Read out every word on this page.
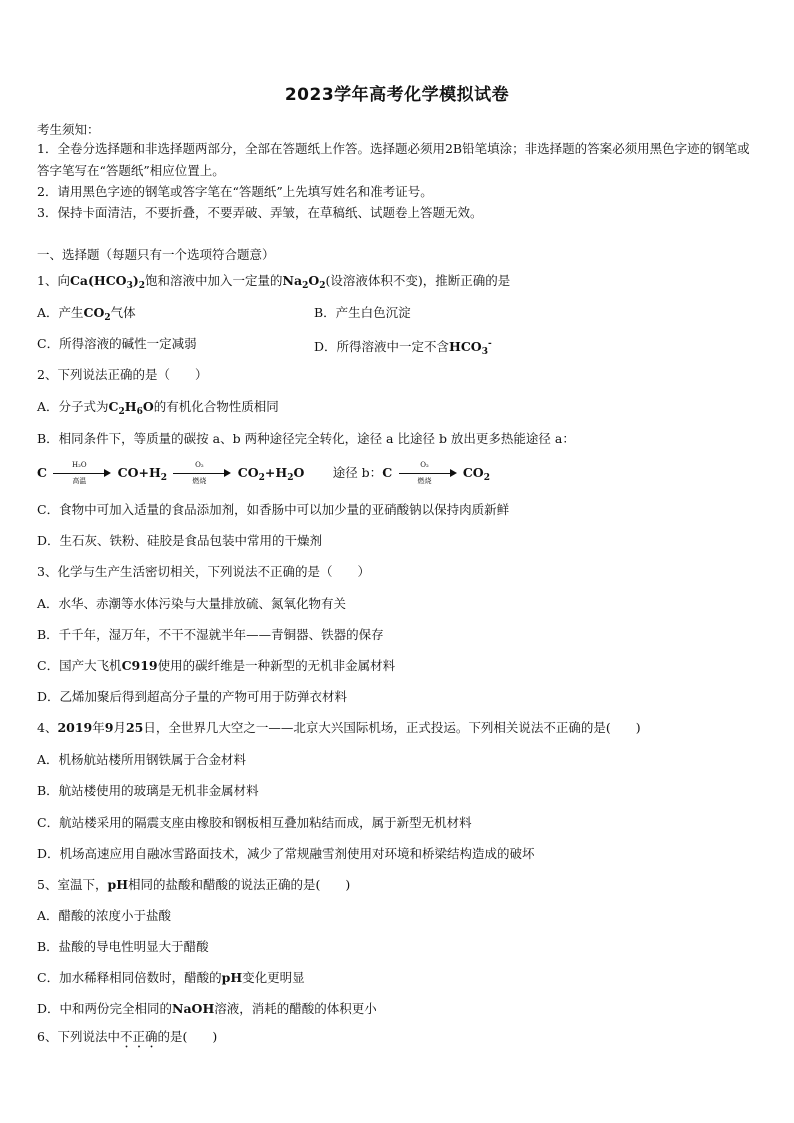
2023学年高考化学模拟试卷
考生须知：
1．全卷分选择题和非选择题两部分，全部在答题纸上作答。选择题必须用2B铅笔填涂；非选择题的答案必须用黑色字迹的钢笔或答字笔写在“答题纸”相应位置上。
2．请用黑色字迹的钢笔或答字笔在“答题纸”上先填写姓名和准考证号。
3．保持卡面清洁，不要折叠，不要弄破、弄皱，在草稿纸、试题卷上答题无效。
一、选择题（每题只有一个选项符合题意）
1、向$Ca(HCO_3)_2$饱和溶液中加入一定量的$Na_2O_2$(设溶液体积不变)，推断正确的是
A．产生$CO_2$气体	B．产生白色沉淀
C．所得溶液的碱性一定减弱	D．所得溶液中一定不含$HCO_3^-$
2、下列说法正确的是（　　）
A．分子式为$C_2H_6O$的有机化合物性质相同
B．相同条件下，等质量的碳按 a、b 两种途径完全转化，途径 a 比途径 b 放出更多热能途径 a：
C
H₂O
高温
$CO+H_2$
O₂
燃烧
$CO_2+H_2O$ 途径 b：C
O₂
燃烧
$CO_2$
C．食物中可加入适量的食品添加剂，如香肠中可以加少量的亚硝酸钠以保持肉质新鲜
D．生石灰、铁粉、硅胶是食品包装中常用的干燥剂
3、化学与生产生活密切相关，下列说法不正确的是（　　）
A．水华、赤潮等水体污染与大量排放硫、氮氧化物有关
B．千千年，湿万年，不干不湿就半年——青铜器、铁器的保存
C．国产大飞机C919使用的碳纤维是一种新型的无机非金属材料
D．乙烯加聚后得到超高分子量的产物可用于防弹衣材料
4、2019年9月25日，全世界几大空之一——北京大兴国际机场，正式投运。下列相关说法不正确的是(　　)
A．机杨航站楼所用钢铁属于合金材料
B．航站楼使用的玻璃是无机非金属材料
C．航站楼采用的隔震支座由橡胶和钢板相互叠加粘结而成，属于新型无机材料
D．机场高速应用自融冰雪路面技术，减少了常规融雪剂使用对环境和桥梁结构造成的破坏
5、室温下，pH相同的盐酸和醋酸的说法正确的是(　　)
A．醋酸的浓度小于盐酸
B．盐酸的导电性明显大于醋酸
C．加水稀释相同倍数时，醋酸的pH变化更明显
D．中和两份完全相同的NaOH溶液，消耗的醋酸的体积更小
6、下列说法中不正确的是(　　)
